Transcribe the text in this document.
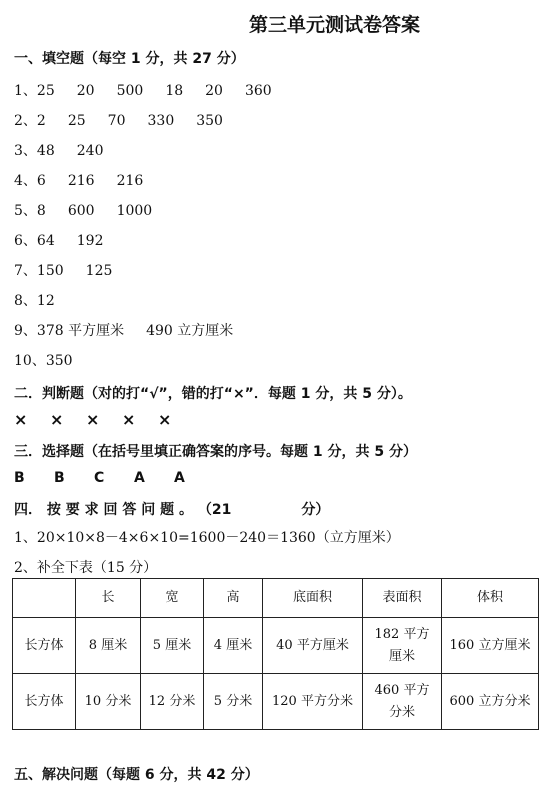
第三单元测试卷答案
一、填空题（每空 1 分，共 27 分）
1、25 20 500 18 20 360
2、2 25 70 330 350
3、48 240
4、6 216 216
5、8 600 1000
6、64 192
7、150 125
8、12
9、378 平方厘米 490 立方厘米
10、350
二．判断题（对的打“√”，错的打“×”．每题 1 分，共 5 分）。
× × × × ×
三．选择题（在括号里填正确答案的序号。每题 1 分，共 5 分）
B B C A A
四． 按 要 求 回 答 问 题 。 （21　　　　　分）
1、20×10×8－4×6×10=1600－240＝1360（立方厘米）
2、补全下表（15 分）
	长	宽	高	底面积	表面积	体积
长方体	8 厘米	5 厘米	4 厘米	40 平方厘米	182 平方厘米	160 立方厘米
长方体	10 分米	12 分米	5 分米	120 平方分米	460 平方分米	600 立方分米
五、解决问题（每题 6 分，共 42 分）
